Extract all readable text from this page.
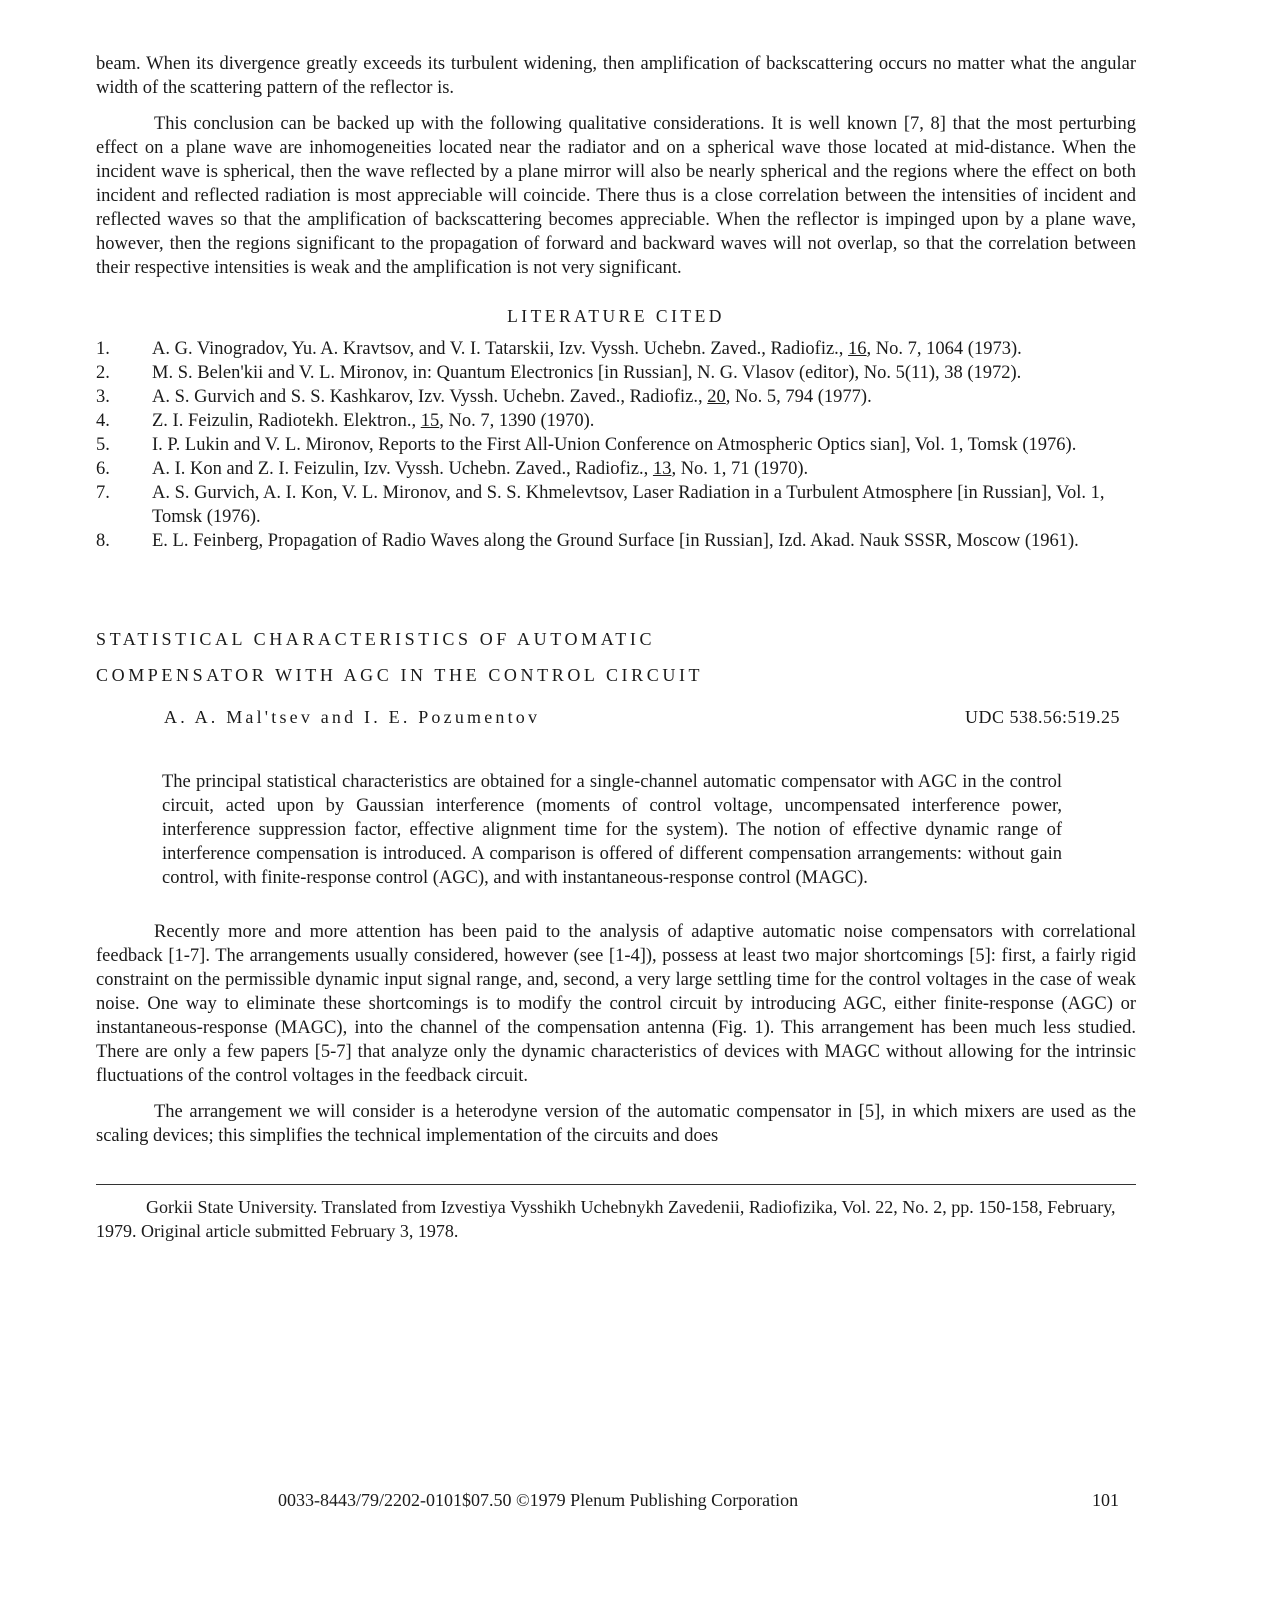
beam. When its divergence greatly exceeds its turbulent widening, then amplification of backscattering occurs no matter what the angular width of the scattering pattern of the reflector is.

This conclusion can be backed up with the following qualitative considerations. It is well known [7, 8] that the most perturbing effect on a plane wave are inhomogeneities located near the radiator and on a spherical wave those located at mid-distance. When the incident wave is spherical, then the wave reflected by a plane mirror will also be nearly spherical and the regions where the effect on both incident and reflected radiation is most appreciable will coincide. There thus is a close correlation between the intensities of incident and reflected waves so that the amplification of backscattering becomes appreciable. When the reflector is impinged upon by a plane wave, however, then the regions significant to the propagation of forward and backward waves will not overlap, so that the correlation between their respective intensities is weak and the amplification is not very significant.

LITERATURE CITED
1.	A. G. Vinogradov, Yu. A. Kravtsov, and V. I. Tatarskii, Izv. Vyssh. Uchebn. Zaved., Radiofiz., 16, No. 7, 1064 (1973).
2.	M. S. Belen'kii and V. L. Mironov, in: Quantum Electronics [in Russian], N. G. Vlasov (editor), No. 5(11), 38 (1972).
3.	A. S. Gurvich and S. S. Kashkarov, Izv. Vyssh. Uchebn. Zaved., Radiofiz., 20, No. 5, 794 (1977).
4.	Z. I. Feizulin, Radiotekh. Elektron., 15, No. 7, 1390 (1970).
5.	I. P. Lukin and V. L. Mironov, Reports to the First All-Union Conference on Atmospheric Optics sian], Vol. 1, Tomsk (1976).
6.	A. I. Kon and Z. I. Feizulin, Izv. Vyssh. Uchebn. Zaved., Radiofiz., 13, No. 1, 71 (1970).
7.	A. S. Gurvich, A. I. Kon, V. L. Mironov, and S. S. Khmelevtsov, Laser Radiation in a Turbulent Atmosphere [in Russian], Vol. 1, Tomsk (1976).
8.	E. L. Feinberg, Propagation of Radio Waves along the Ground Surface [in Russian], Izd. Akad. Nauk SSSR, Moscow (1961).
STATISTICAL CHARACTERISTICS OF AUTOMATIC
COMPENSATOR WITH AGC IN THE CONTROL CIRCUIT
A. A. Mal'tsev and I. E. Pozumentov	UDC 538.56:519.25

The principal statistical characteristics are obtained for a single-channel automatic compensator with AGC in the control circuit, acted upon by Gaussian interference (moments of control voltage, uncompensated interference power, interference suppression factor, effective alignment time for the system). The notion of effective dynamic range of interference compensation is introduced. A comparison is offered of different compensation arrangements: without gain control, with finite-response control (AGC), and with instantaneous-response control (MAGC).

Recently more and more attention has been paid to the analysis of adaptive automatic noise compensators with correlational feedback [1-7]. The arrangements usually considered, however (see [1-4]), possess at least two major shortcomings [5]: first, a fairly rigid constraint on the permissible dynamic input signal range, and, second, a very large settling time for the control voltages in the case of weak noise. One way to eliminate these shortcomings is to modify the control circuit by introducing AGC, either finite-response (AGC) or instantaneous-response (MAGC), into the channel of the compensation antenna (Fig. 1). This arrangement has been much less studied. There are only a few papers [5-7] that analyze only the dynamic characteristics of devices with MAGC without allowing for the intrinsic fluctuations of the control voltages in the feedback circuit.

The arrangement we will consider is a heterodyne version of the automatic compensator in [5], in which mixers are used as the scaling devices; this simplifies the technical implementation of the circuits and does

Gorkii State University. Translated from Izvestiya Vysshikh Uchebnykh Zavedenii, Radiofizika, Vol. 22, No. 2, pp. 150-158, February, 1979. Original article submitted February 3, 1978.

0033-8443/79/2202-0101$07.50 ©1979 Plenum Publishing Corporation	101
